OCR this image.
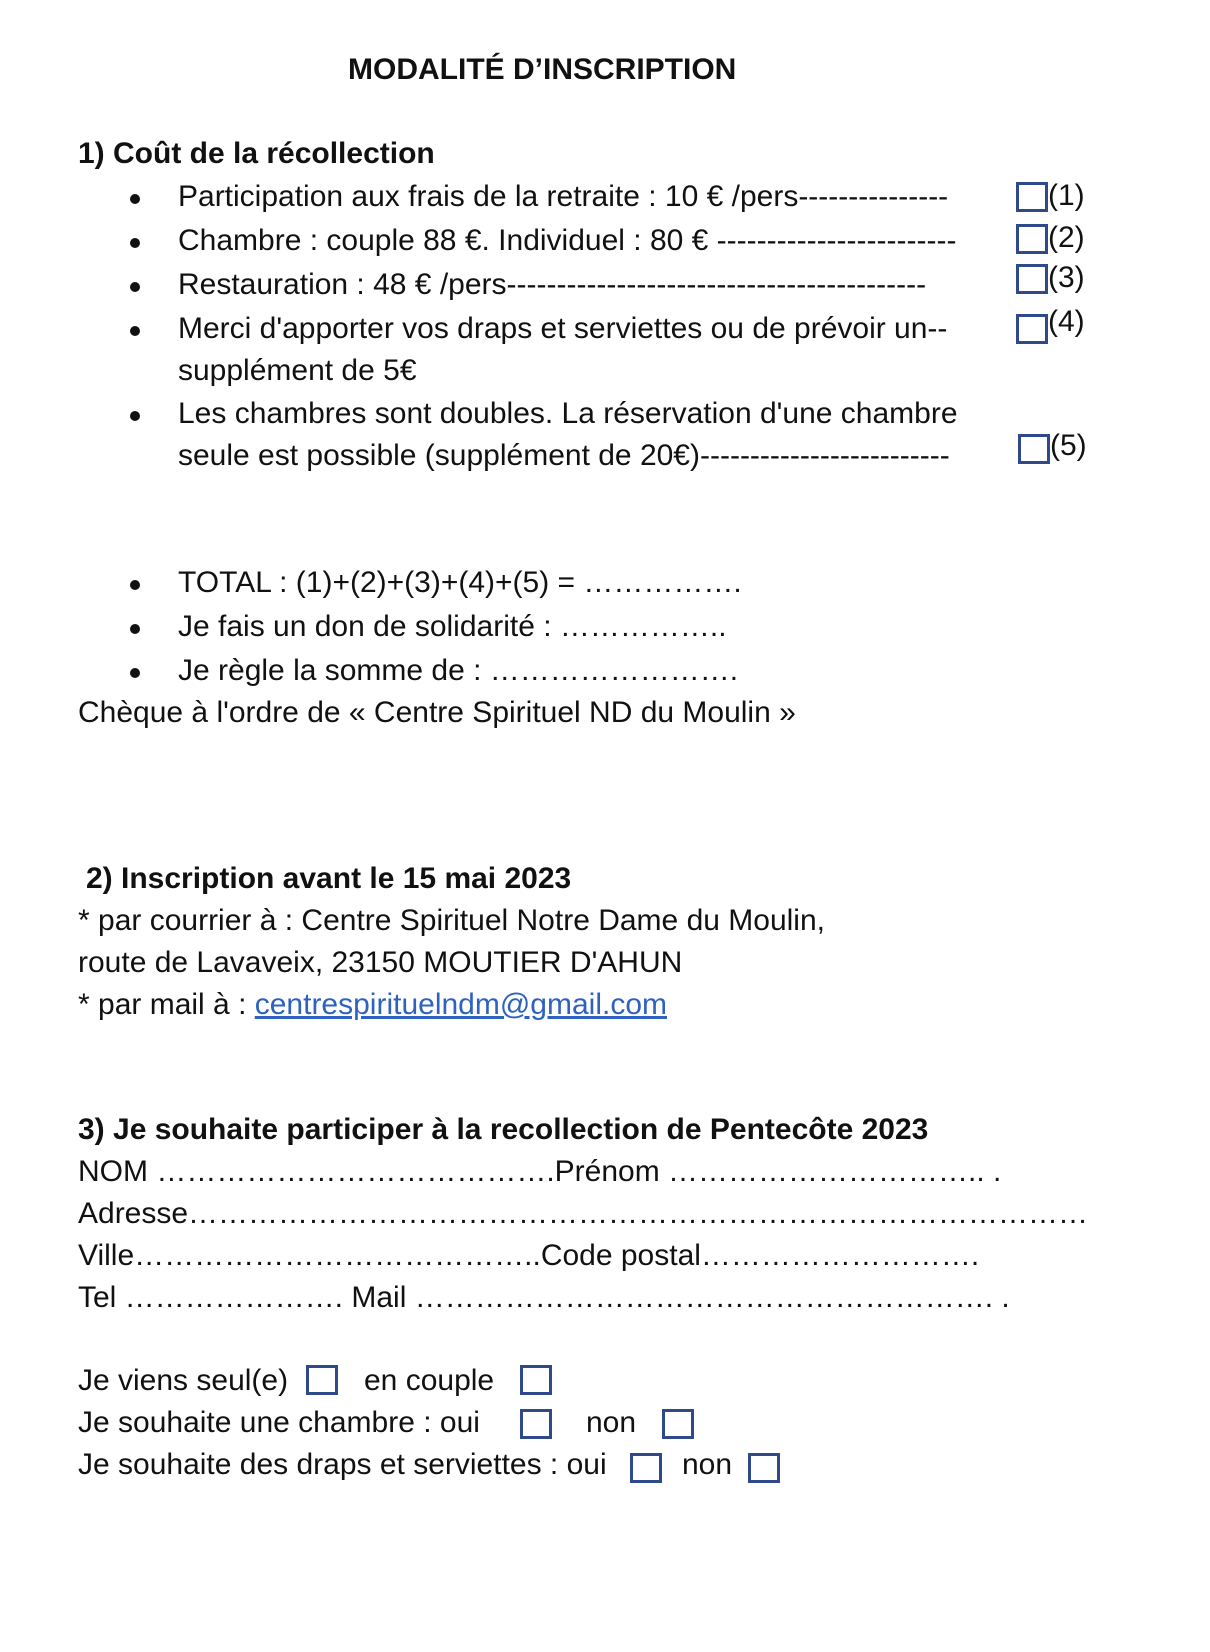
MODALITÉ D’INSCRIPTION
1) Coût de la récollection
Participation aux frais de la retraite : 10 € /pers---------------	(1)
Chambre : couple 88 €. Individuel : 80 € ------------------------	(2)
Restauration : 48 € /pers------------------------------------------	(3)
Merci d'apporter vos draps et serviettes ou de prévoir un--	(4)
supplément de 5€
Les chambres sont doubles. La réservation d'une chambre
seule est possible (supplément de 20€)-------------------------	(5)
TOTAL : (1)+(2)+(3)+(4)+(5) = …………….
Je fais un don de solidarité : ……………..
Je règle la somme de : …………………….
Chèque à l'ordre de « Centre Spirituel ND du Moulin »
2) Inscription avant le 15 mai 2023
* par courrier à : Centre Spirituel Notre Dame du Moulin,
route de Lavaveix, 23150 MOUTIER D'AHUN
* par mail à : centrespirituelndm@gmail.com
3) Je souhaite participer à la recollection de Pentecôte 2023
NOM ………………………………….Prénom ………………………….. .
Adresse………………………………………………………………………………
Ville…………………………………..Code postal……………………….
Tel …………………. Mail …………………………………………………. .
Je viens seul(e)	en couple
Je souhaite une chambre : oui	non
Je souhaite des draps et serviettes : oui	non
